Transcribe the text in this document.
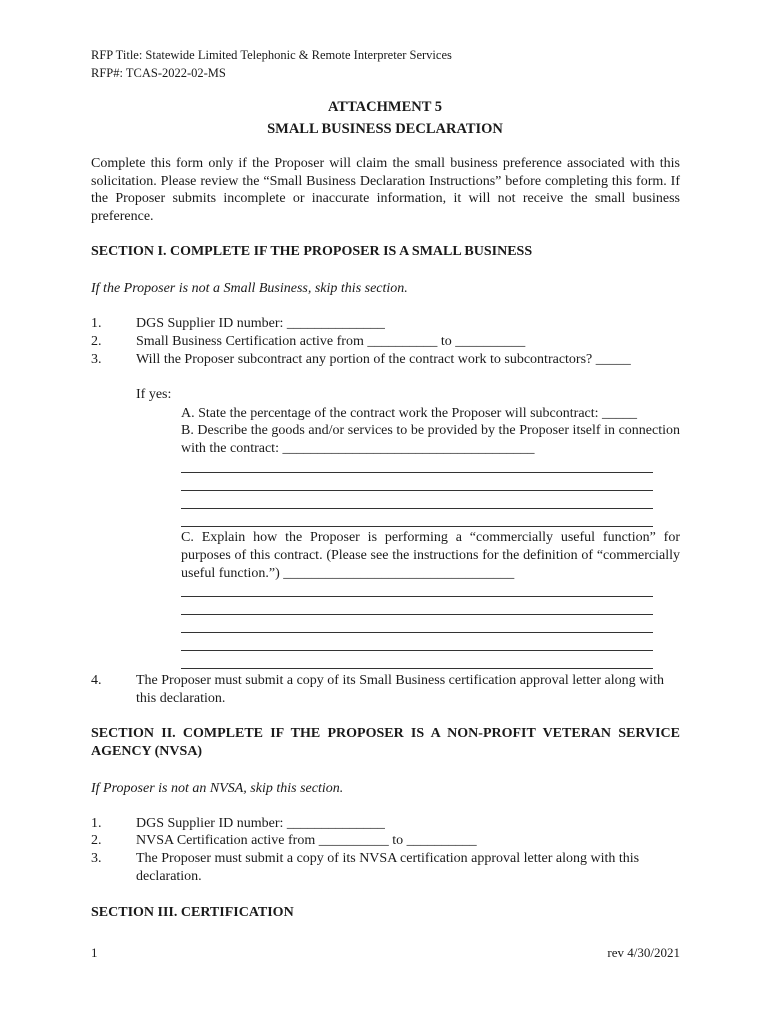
RFP Title: Statewide Limited Telephonic & Remote Interpreter Services
RFP#: TCAS-2022-02-MS
ATTACHMENT 5
SMALL BUSINESS DECLARATION
Complete this form only if the Proposer will claim the small business preference associated with this solicitation. Please review the “Small Business Declaration Instructions” before completing this form. If the Proposer submits incomplete or inaccurate information, it will not receive the small business preference.
SECTION I. COMPLETE IF THE PROPOSER IS A SMALL BUSINESS
If the Proposer is not a Small Business, skip this section.
1.	DGS Supplier ID number: ______________
2.	Small Business Certification active from __________ to __________
3.	Will the Proposer subcontract any portion of the contract work to subcontractors? _____
If yes:
A. State the percentage of the contract work the Proposer will subcontract: _____
B. Describe the goods and/or services to be provided by the Proposer itself in connection with the contract: ____________________________________
C. Explain how the Proposer is performing a “commercially useful function” for purposes of this contract. (Please see the instructions for the definition of “commercially useful function.”) _________________________________
4.	The Proposer must submit a copy of its Small Business certification approval letter along with this declaration.
SECTION II. COMPLETE IF THE PROPOSER IS A NON-PROFIT VETERAN SERVICE AGENCY (NVSA)
If Proposer is not an NVSA, skip this section.
1.	DGS Supplier ID number: ______________
2.	NVSA Certification active from __________ to __________
3.	The Proposer must submit a copy of its NVSA certification approval letter along with this declaration.
SECTION III. CERTIFICATION
1	rev 4/30/2021
